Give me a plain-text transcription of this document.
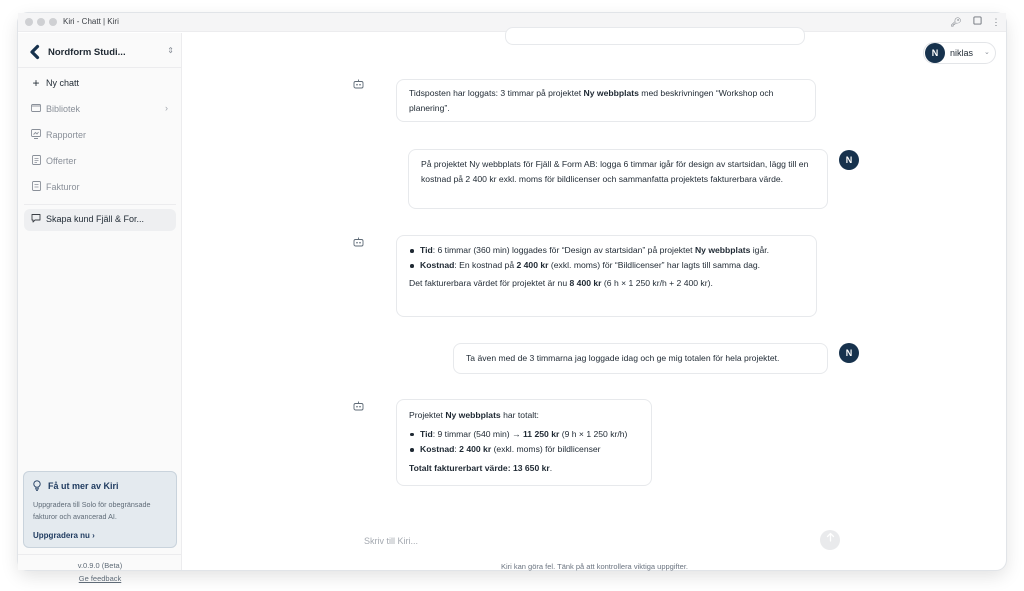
Kiri - Chatt | Kiri	🔑︎	⋮
Nordform Studi...	⇕
+ Ny chatt
Bibliotek	›
Rapporter
Offerter
Fakturor
Skapa kund Fjäll & For...
Få ut mer av Kiri
Uppgradera till Solo för obegränsade fakturor och avancerad AI.
Uppgradera nu ›
v.0.9.0 (Beta)
Ge feedback
N	niklas ⌄
Tidsposten har loggats: 3 timmar på projektet Ny webbplats med beskrivningen “Workshop och planering”.
På projektet Ny webbplats för Fjäll & Form AB: logga 6 timmar igår för design av startsidan, lägg till en kostnad på 2 400 kr exkl. moms för bildlicenser och sammanfatta projektets fakturerbara värde.
N
Tid: 6 timmar (360 min) loggades för “Design av startsidan” på projektet Ny webbplats igår.
Kostnad: En kostnad på 2 400 kr (exkl. moms) för “Bildlicenser” har lagts till samma dag.
Det fakturerbara värdet för projektet är nu 8 400 kr (6 h × 1 250 kr/h + 2 400 kr).
Ta även med de 3 timmarna jag loggade idag och ge mig totalen för hela projektet.	N
Projektet Ny webbplats har totalt:
Tid: 9 timmar (540 min) → 11 250 kr (9 h × 1 250 kr/h)
Kostnad: 2 400 kr (exkl. moms) för bildlicenser
Totalt fakturerbart värde: 13 650 kr.
Skriv till Kiri...
Kiri kan göra fel. Tänk på att kontrollera viktiga uppgifter.
